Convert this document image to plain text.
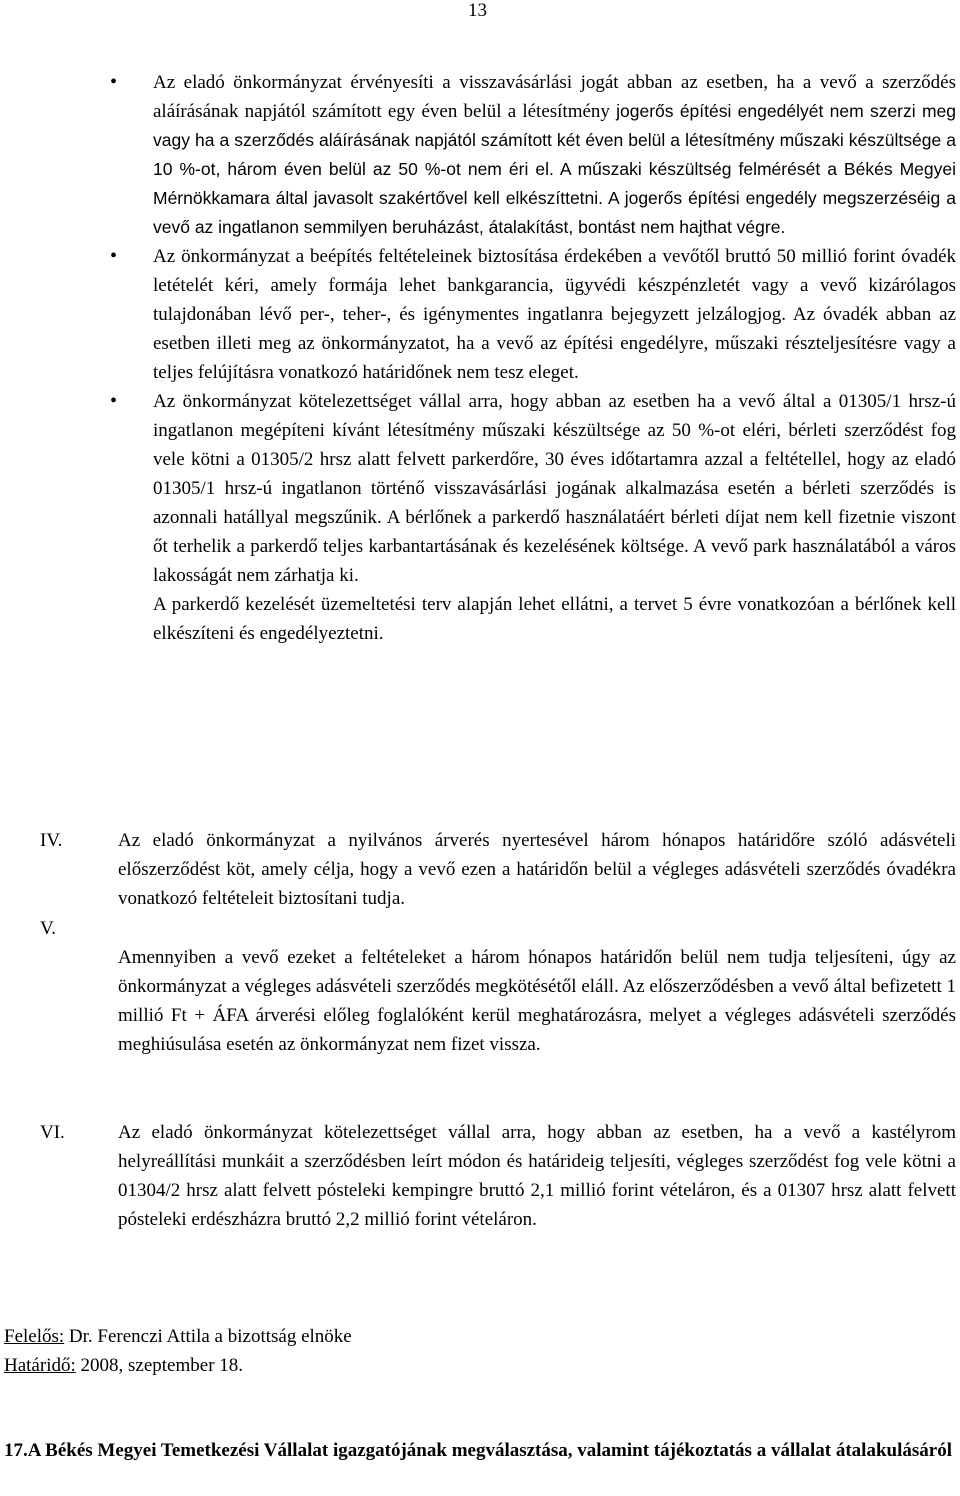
13
•	Az eladó önkormányzat érvényesíti a visszavásárlási jogát abban az esetben, ha a vevő a szerződés aláírásának napjától számított egy éven belül a létesítmény jogerős építési engedélyét nem szerzi meg vagy ha a szerződés aláírásának napjától számított két éven belül a létesítmény műszaki készültsége a 10 %-ot, három éven belül az 50 %-ot nem éri el. A műszaki készültség felmérését a Békés Megyei Mérnökkamara által javasolt szakértővel kell elkészíttetni. A jogerős építési engedély megszerzéséig a vevő az ingatlanon semmilyen beruházást, átalakítást, bontást nem hajthat végre.
•	Az önkormányzat a beépítés feltételeinek biztosítása érdekében a vevőtől bruttó 50 millió forint óvadék letételét kéri, amely formája lehet bankgarancia, ügyvédi készpénzletét vagy a vevő kizárólagos tulajdonában lévő per-, teher-, és igénymentes ingatlanra bejegyzett jelzálogjog. Az óvadék abban az esetben illeti meg az önkormányzatot, ha a vevő az építési engedélyre, műszaki részteljesítésre vagy a teljes felújításra vonatkozó határidőnek nem tesz eleget.
•	Az önkormányzat kötelezettséget vállal arra, hogy abban az esetben ha a vevő által a 01305/1 hrsz-ú ingatlanon megépíteni kívánt létesítmény műszaki készültsége az 50 %-ot eléri, bérleti szerződést fog vele kötni a 01305/2 hrsz alatt felvett parkerdőre, 30 éves időtartamra azzal a feltétellel, hogy az eladó 01305/1 hrsz-ú ingatlanon történő visszavásárlási jogának alkalmazása esetén a bérleti szerződés is azonnali hatállyal megszűnik. A bérlőnek a parkerdő használatáért bérleti díjat nem kell fizetnie viszont őt terhelik a parkerdő teljes karbantartásának és kezelésének költsége. A vevő park használatából a város lakosságát nem zárhatja ki.
A parkerdő kezelését üzemeltetési terv alapján lehet ellátni, a tervet 5 évre vonatkozóan a bérlőnek kell elkészíteni és engedélyeztetni.
IV.	Az eladó önkormányzat a nyilvános árverés nyertesével három hónapos határidőre szóló adásvételi előszerződést köt, amely célja, hogy a vevő ezen a határidőn belül a végleges adásvételi szerződés óvadékra vonatkozó feltételeit biztosítani tudja.
V.
Amennyiben a vevő ezeket a feltételeket a három hónapos határidőn belül nem tudja teljesíteni, úgy az önkormányzat a végleges adásvételi szerződés megkötésétől eláll. Az előszerződésben a vevő által befizetett 1 millió Ft + ÁFA árverési előleg foglalóként kerül meghatározásra, melyet a végleges adásvételi szerződés meghiúsulása esetén az önkormányzat nem fizet vissza.
VI.	Az eladó önkormányzat kötelezettséget vállal arra, hogy abban az esetben, ha a vevő a kastélyrom helyreállítási munkáit a szerződésben leírt módon és határideig teljesíti, végleges szerződést fog vele kötni a 01304/2 hrsz alatt felvett pósteleki kempingre bruttó 2,1 millió forint vételáron, és a 01307 hrsz alatt felvett pósteleki erdészházra bruttó 2,2 millió forint vételáron.
Felelős: Dr. Ferenczi Attila a bizottság elnöke
Határidő: 2008, szeptember 18.
17.A Békés Megyei Temetkezési Vállalat igazgatójának megválasztása, valamint tájékoztatás a vállalat átalakulásáról
